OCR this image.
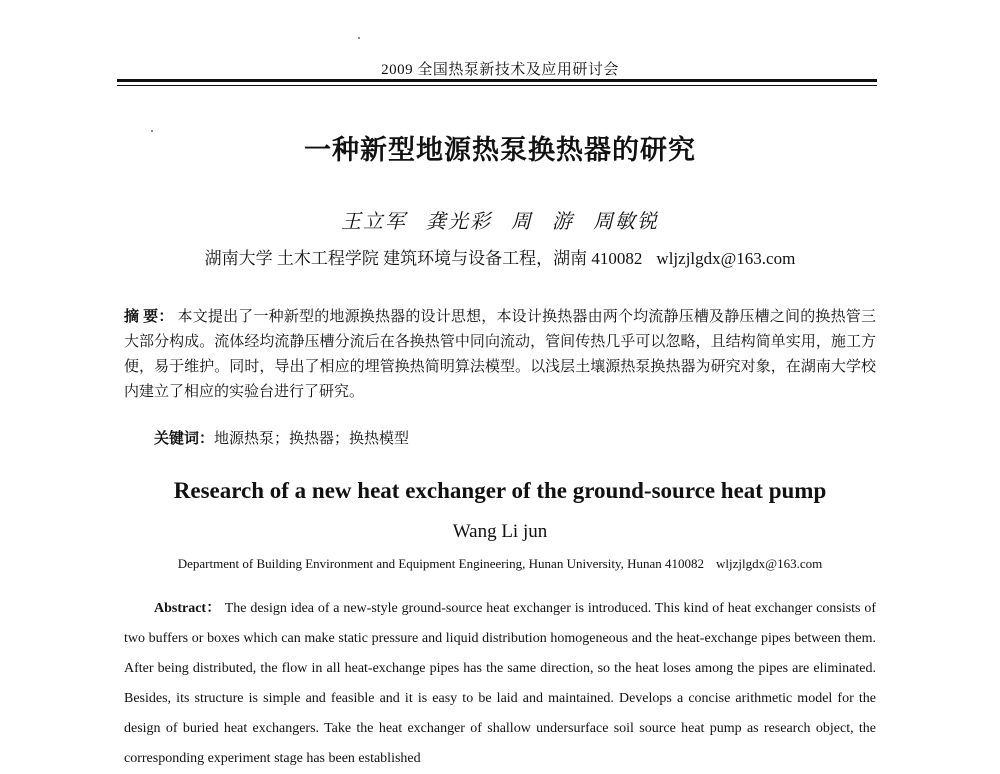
2009 全国热泵新技术及应用研讨会
一种新型地源热泵换热器的研究
王立军 龚光彩 周 游 周敏锐
湖南大学 土木工程学院 建筑环境与设备工程，湖南 410082 wljzjlgdx@163.com
摘 要： 本文提出了一种新型的地源换热器的设计思想，本设计换热器由两个均流静压槽及静压槽之间的换热管三大部分构成。流体经均流静压槽分流后在各换热管中同向流动，管间传热几乎可以忽略，且结构简单实用，施工方便，易于维护。同时，导出了相应的埋管换热简明算法模型。以浅层土壤源热泵换热器为研究对象，在湖南大学校内建立了相应的实验台进行了研究。
关键词：地源热泵；换热器；换热模型
Research of a new heat exchanger of the ground-source heat pump
Wang Li jun
Department of Building Environment and Equipment Engineering, Hunan University, Hunan 410082 wljzjlgdx@163.com
Abstract： The design idea of a new-style ground-source heat exchanger is introduced. This kind of heat exchanger consists of two buffers or boxes which can make static pressure and liquid distribution homogeneous and the heat-exchange pipes between them. After being distributed, the flow in all heat-exchange pipes has the same direction, so the heat loses among the pipes are eliminated. Besides, its structure is simple and feasible and it is easy to be laid and maintained. Develops a concise arithmetic model for the design of buried heat exchangers. Take the heat exchanger of shallow undersurface soil source heat pump as research object, the corresponding experiment stage has been established
